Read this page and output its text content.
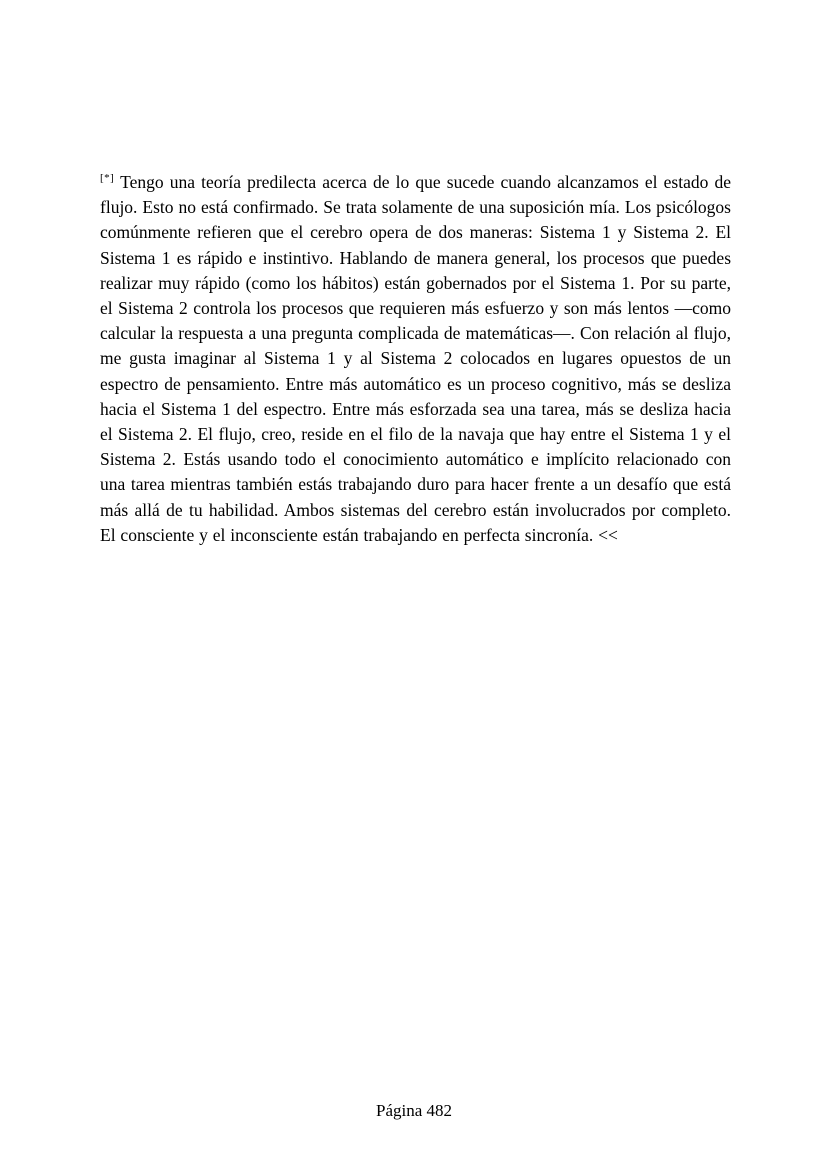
[*] Tengo una teoría predilecta acerca de lo que sucede cuando alcanzamos el estado de flujo. Esto no está confirmado. Se trata solamente de una suposición mía. Los psicólogos comúnmente refieren que el cerebro opera de dos maneras: Sistema 1 y Sistema 2. El Sistema 1 es rápido e instintivo. Hablando de manera general, los procesos que puedes realizar muy rápido (como los hábitos) están gobernados por el Sistema 1. Por su parte, el Sistema 2 controla los procesos que requieren más esfuerzo y son más lentos —como calcular la respuesta a una pregunta complicada de matemáticas—. Con relación al flujo, me gusta imaginar al Sistema 1 y al Sistema 2 colocados en lugares opuestos de un espectro de pensamiento. Entre más automático es un proceso cognitivo, más se desliza hacia el Sistema 1 del espectro. Entre más esforzada sea una tarea, más se desliza hacia el Sistema 2. El flujo, creo, reside en el filo de la navaja que hay entre el Sistema 1 y el Sistema 2. Estás usando todo el conocimiento automático e implícito relacionado con una tarea mientras también estás trabajando duro para hacer frente a un desafío que está más allá de tu habilidad. Ambos sistemas del cerebro están involucrados por completo. El consciente y el inconsciente están trabajando en perfecta sincronía. <<

Página 482
